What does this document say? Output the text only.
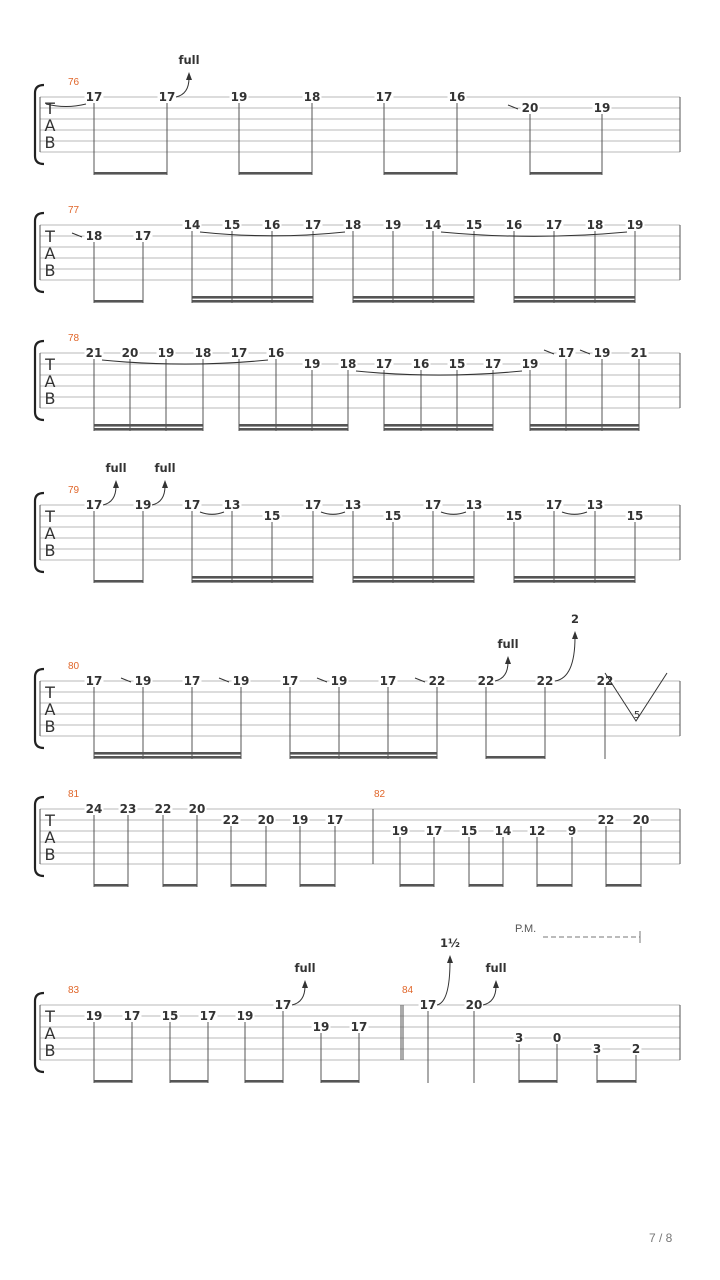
T
A
B
76
17	17	19	18	17	16
20	19
full
T
A
B
77
18	17
14 15 16 17 18 19 14 15 16 17 18 19
T
A
B
78
21 20 19 18 17 16
19 18 17 16 15 17 19
17 19 21
T
A
B
79
17	19	17 13
15
17 13
15
17 13
15
17 13
15
full full
T
A
B
80
17	19	17	19	17	19	17	22	22	22	22
5
full
2
T
A
B
81	82
24 23 22 20
22 20 19 17
19 17 15 14 12 9
22 20
T
A
B
83	84
19 17 15 17 19
17
19 17
17 20
3 0
3	2
full
1½
full
P.M.
7 / 8
